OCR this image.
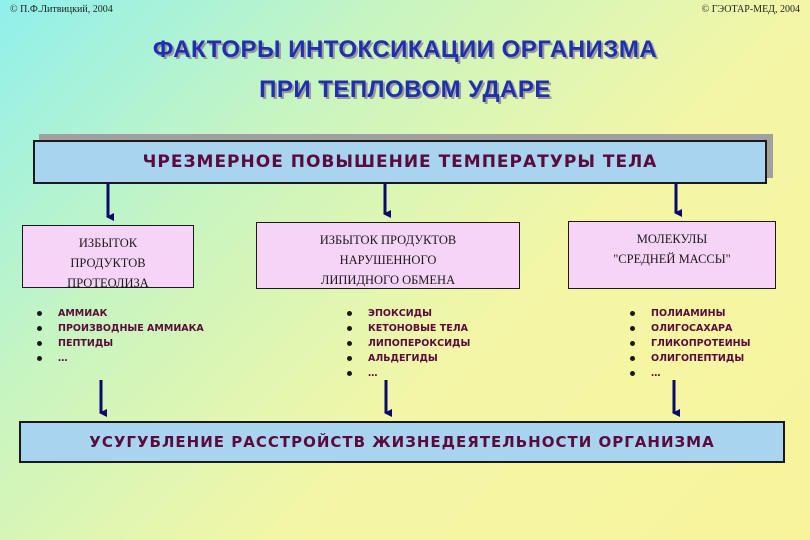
© П.Ф.Литвицкий, 2004	© ГЭОТАР-МЕД, 2004
ФАКТОРЫ ИНТОКСИКАЦИИ ОРГАНИЗМА
ПРИ ТЕПЛОВОМ УДАРЕ
ЧРЕЗМЕРНОЕ ПОВЫШЕНИЕ ТЕМПЕРАТУРЫ ТЕЛА
ИЗБЫТОК
ПРОДУКТОВ
ПРОТЕОЛИЗА
ИЗБЫТОК ПРОДУКТОВ
НАРУШЕННОГО
ЛИПИДНОГО ОБМЕНА
МОЛЕКУЛЫ
"СРЕДНЕЙ МАССЫ"
АММИАК
ПРОИЗВОДНЫЕ АММИАКА
ПЕПТИДЫ
…
ЭПОКСИДЫ
КЕТОНОВЫЕ ТЕЛА
ЛИПОПЕРОКСИДЫ
АЛЬДЕГИДЫ
…
ПОЛИАМИНЫ
ОЛИГОСАХАРА
ГЛИКОПРОТЕИНЫ
ОЛИГОПЕПТИДЫ
…
УСУГУБЛЕНИЕ РАССТРОЙСТВ ЖИЗНЕДЕЯТЕЛЬНОСТИ ОРГАНИЗМА
